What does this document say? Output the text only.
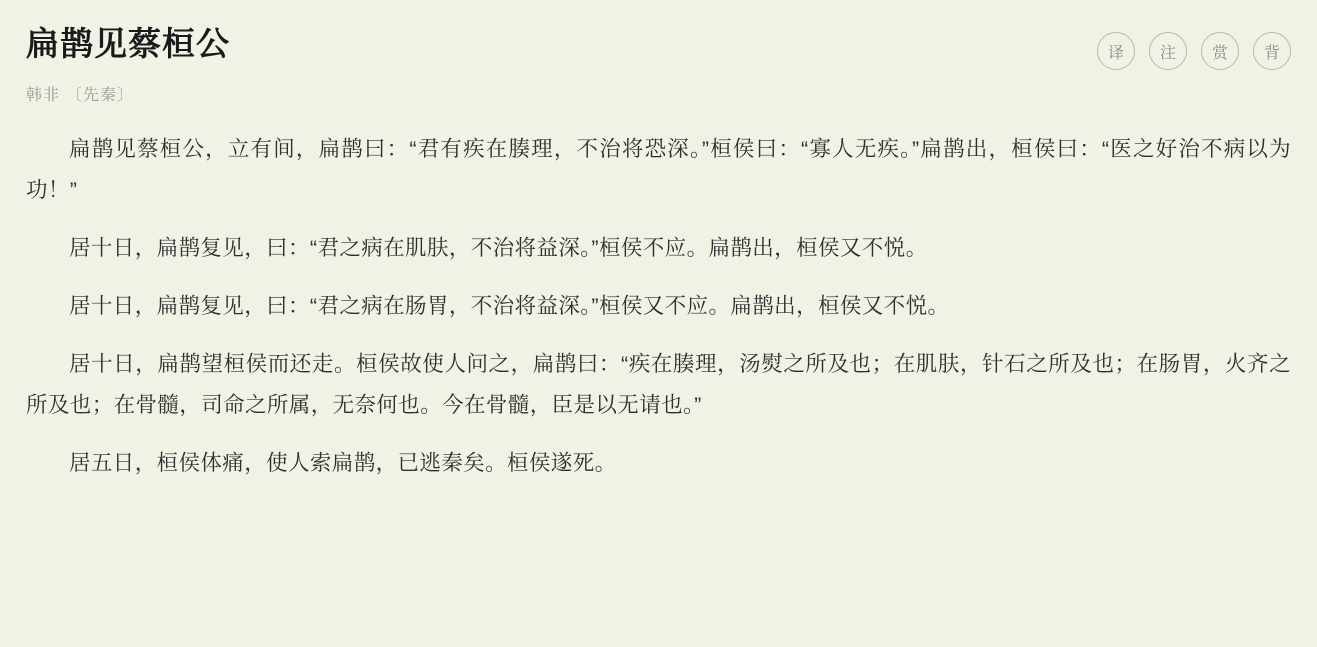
扁鹊见蔡桓公	译	注	赏	背
韩非 〔先秦〕

扁鹊见蔡桓公，立有间，扁鹊曰：“君有疾在腠理，不治将恐深。”桓侯曰：“寡人无疾。”扁鹊出，桓侯曰：“医之好治不病以为功！”

居十日，扁鹊复见，曰：“君之病在肌肤，不治将益深。”桓侯不应。扁鹊出，桓侯又不悦。

居十日，扁鹊复见，曰：“君之病在肠胃，不治将益深。”桓侯又不应。扁鹊出，桓侯又不悦。

居十日，扁鹊望桓侯而还走。桓侯故使人问之，扁鹊曰：“疾在腠理，汤熨之所及也；在肌肤，针石之所及也；在肠胃，火齐之所及也；在骨髓，司命之所属，无奈何也。今在骨髓，臣是以无请也。”

居五日，桓侯体痛，使人索扁鹊，已逃秦矣。桓侯遂死。
